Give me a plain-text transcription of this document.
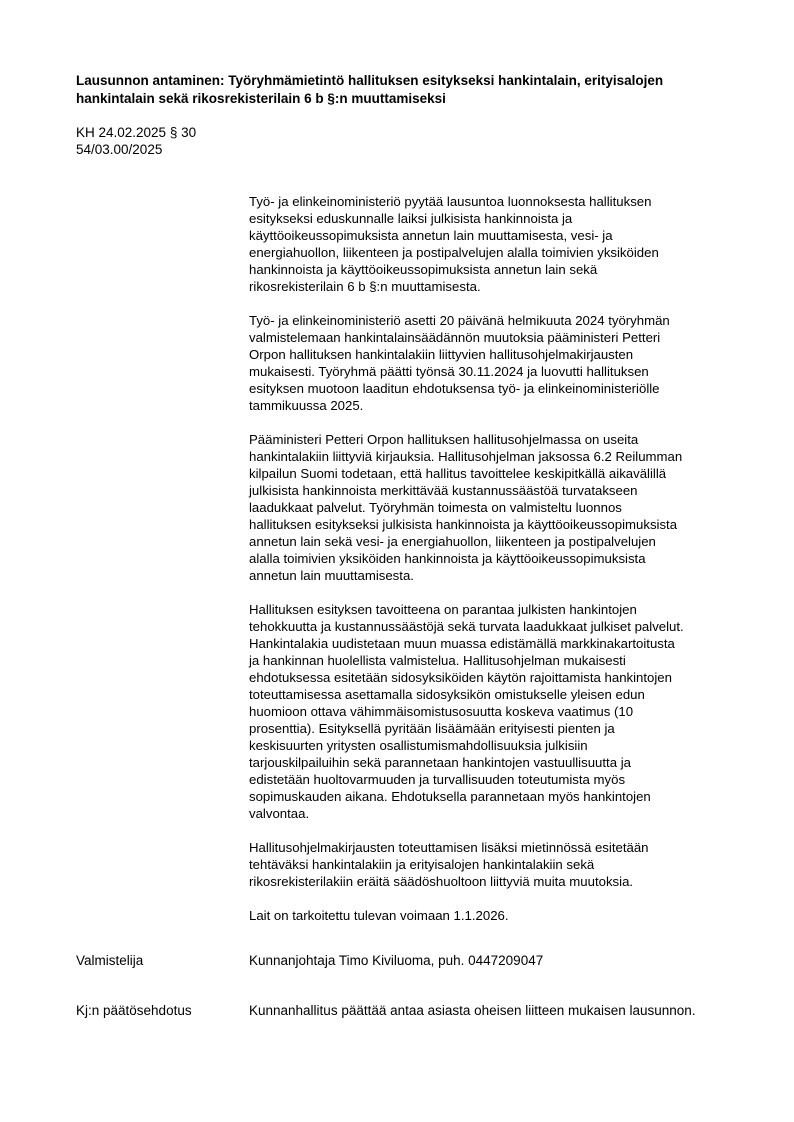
Lausunnon antaminen: Työryhmämietintö hallituksen esitykseksi hankintalain, erityisalojen
hankintalain sekä rikosrekisterilain 6 b §:n muuttamiseksi
KH 24.02.2025 § 30
54/03.00/2025

Työ- ja elinkeinoministeriö pyytää lausuntoa luonnoksesta hallituksen
esitykseksi eduskunnalle laiksi julkisista hankinnoista ja
käyttöoikeussopimuksista annetun lain muuttamisesta, vesi- ja
energiahuollon, liikenteen ja postipalvelujen alalla toimivien yksiköiden
hankinnoista ja käyttöoikeussopimuksista annetun lain sekä
rikosrekisterilain 6 b §:n muuttamisesta.

Työ- ja elinkeinoministeriö asetti 20 päivänä helmikuuta 2024 työryhmän
valmistelemaan hankintalainsäädännön muutoksia pääministeri Petteri
Orpon hallituksen hankintalakiin liittyvien hallitusohjelmakirjausten
mukaisesti. Työryhmä päätti työnsä 30.11.2024 ja luovutti hallituksen
esityksen muotoon laaditun ehdotuksensa työ- ja elinkeinoministeriölle
tammikuussa 2025.

Pääministeri Petteri Orpon hallituksen hallitusohjelmassa on useita
hankintalakiin liittyviä kirjauksia. Hallitusohjelman jaksossa 6.2 Reilumman
kilpailun Suomi todetaan, että hallitus tavoittelee keskipitkällä aikavälillä
julkisista hankinnoista merkittävää kustannussäästöä turvatakseen
laadukkaat palvelut. Työryhmän toimesta on valmisteltu luonnos
hallituksen esitykseksi julkisista hankinnoista ja käyttöoikeussopimuksista
annetun lain sekä vesi- ja energiahuollon, liikenteen ja postipalvelujen
alalla toimivien yksiköiden hankinnoista ja käyttöoikeussopimuksista
annetun lain muuttamisesta.

Hallituksen esityksen tavoitteena on parantaa julkisten hankintojen
tehokkuutta ja kustannussäästöjä sekä turvata laadukkaat julkiset palvelut.
Hankintalakia uudistetaan muun muassa edistämällä markkinakartoitusta
ja hankinnan huolellista valmistelua. Hallitusohjelman mukaisesti
ehdotuksessa esitetään sidosyksiköiden käytön rajoittamista hankintojen
toteuttamisessa asettamalla sidosyksikön omistukselle yleisen edun
huomioon ottava vähimmäisomistusosuutta koskeva vaatimus (10
prosenttia). Esityksellä pyritään lisäämään erityisesti pienten ja
keskisuurten yritysten osallistumismahdollisuuksia julkisiin
tarjouskilpailuihin sekä parannetaan hankintojen vastuullisuutta ja
edistetään huoltovarmuuden ja turvallisuuden toteutumista myös
sopimuskauden aikana. Ehdotuksella parannetaan myös hankintojen
valvontaa.

Hallitusohjelmakirjausten toteuttamisen lisäksi mietinnössä esitetään
tehtäväksi hankintalakiin ja erityisalojen hankintalakiin sekä
rikosrekisterilakiin eräitä säädöshuoltoon liittyviä muita muutoksia.

Lait on tarkoitettu tulevan voimaan 1.1.2026.

Valmistelija	Kunnanjohtaja Timo Kiviluoma, puh. 0447209047
Kj:n päätösehdotus	Kunnanhallitus päättää antaa asiasta oheisen liitteen mukaisen lausunnon.
